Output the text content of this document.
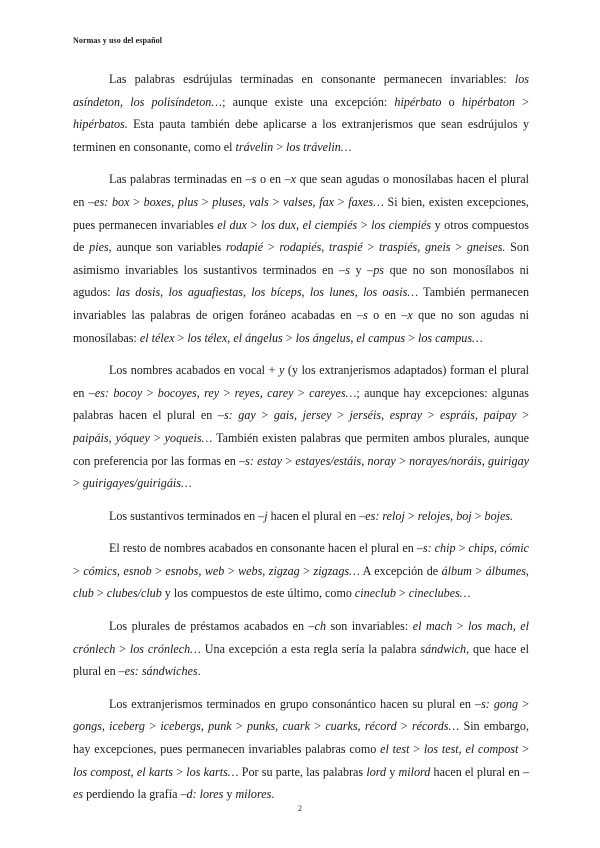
Normas y uso del español

Las palabras esdrújulas terminadas en consonante permanecen invariables: los asíndeton, los polisíndeton…; aunque existe una excepción: hipérbato o hipérbaton > hipérbatos. Esta pauta también debe aplicarse a los extranjerismos que sean esdrújulos y terminen en consonante, como el trávelin > los trávelin…

Las palabras terminadas en –s o en –x que sean agudas o monosílabas hacen el plural en –es: box > boxes, plus > pluses, vals > valses, fax > faxes… Si bien, existen excepciones, pues permanecen invariables el dux > los dux, el ciempiés > los ciempiés y otros compuestos de pies, aunque son variables rodapié > rodapiés, traspié > traspiés, gneis > gneises. Son asimismo invariables los sustantivos terminados en –s y –ps que no son monosílabos ni agudos: las dosis, los aguafiestas, los bíceps, los lunes, los oasis… También permanecen invariables las palabras de origen foráneo acabadas en –s o en –x que no son agudas ni monosílabas: el télex > los télex, el ángelus > los ángelus, el campus > los campus…

Los nombres acabados en vocal + y (y los extranjerismos adaptados) forman el plural en –es: bocoy > bocoyes, rey > reyes, carey > careyes…; aunque hay excepciones: algunas palabras hacen el plural en –s: gay > gais, jersey > jerséis, espray > espráis, paipay > paipáis, yóquey > yoqueis… También existen palabras que permiten ambos plurales, aunque con preferencia por las formas en –s: estay > estayes/estáis, noray > norayes/noráis, guirigay > guirigayes/guirigáis…

Los sustantivos terminados en –j hacen el plural en –es: reloj > relojes, boj > bojes.

El resto de nombres acabados en consonante hacen el plural en –s: chip > chips, cómic > cómics, esnob > esnobs, web > webs, zigzag > zigzags… A excepción de álbum > álbumes, club > clubes/club y los compuestos de este último, como cineclub > cineclubes…

Los plurales de préstamos acabados en –ch son invariables: el mach > los mach, el crónlech > los crónlech… Una excepción a esta regla sería la palabra sándwich, que hace el plural en –es: sándwiches.

Los extranjerismos terminados en grupo consonántico hacen su plural en –s: gong > gongs, iceberg > icebergs, punk > punks, cuark > cuarks, récord > récords… Sin embargo, hay excepciones, pues permanecen invariables palabras como el test > los test, el compost > los compost, el karts > los karts… Por su parte, las palabras lord y milord hacen el plural en –es perdiendo la grafía –d: lores y milores.

2
